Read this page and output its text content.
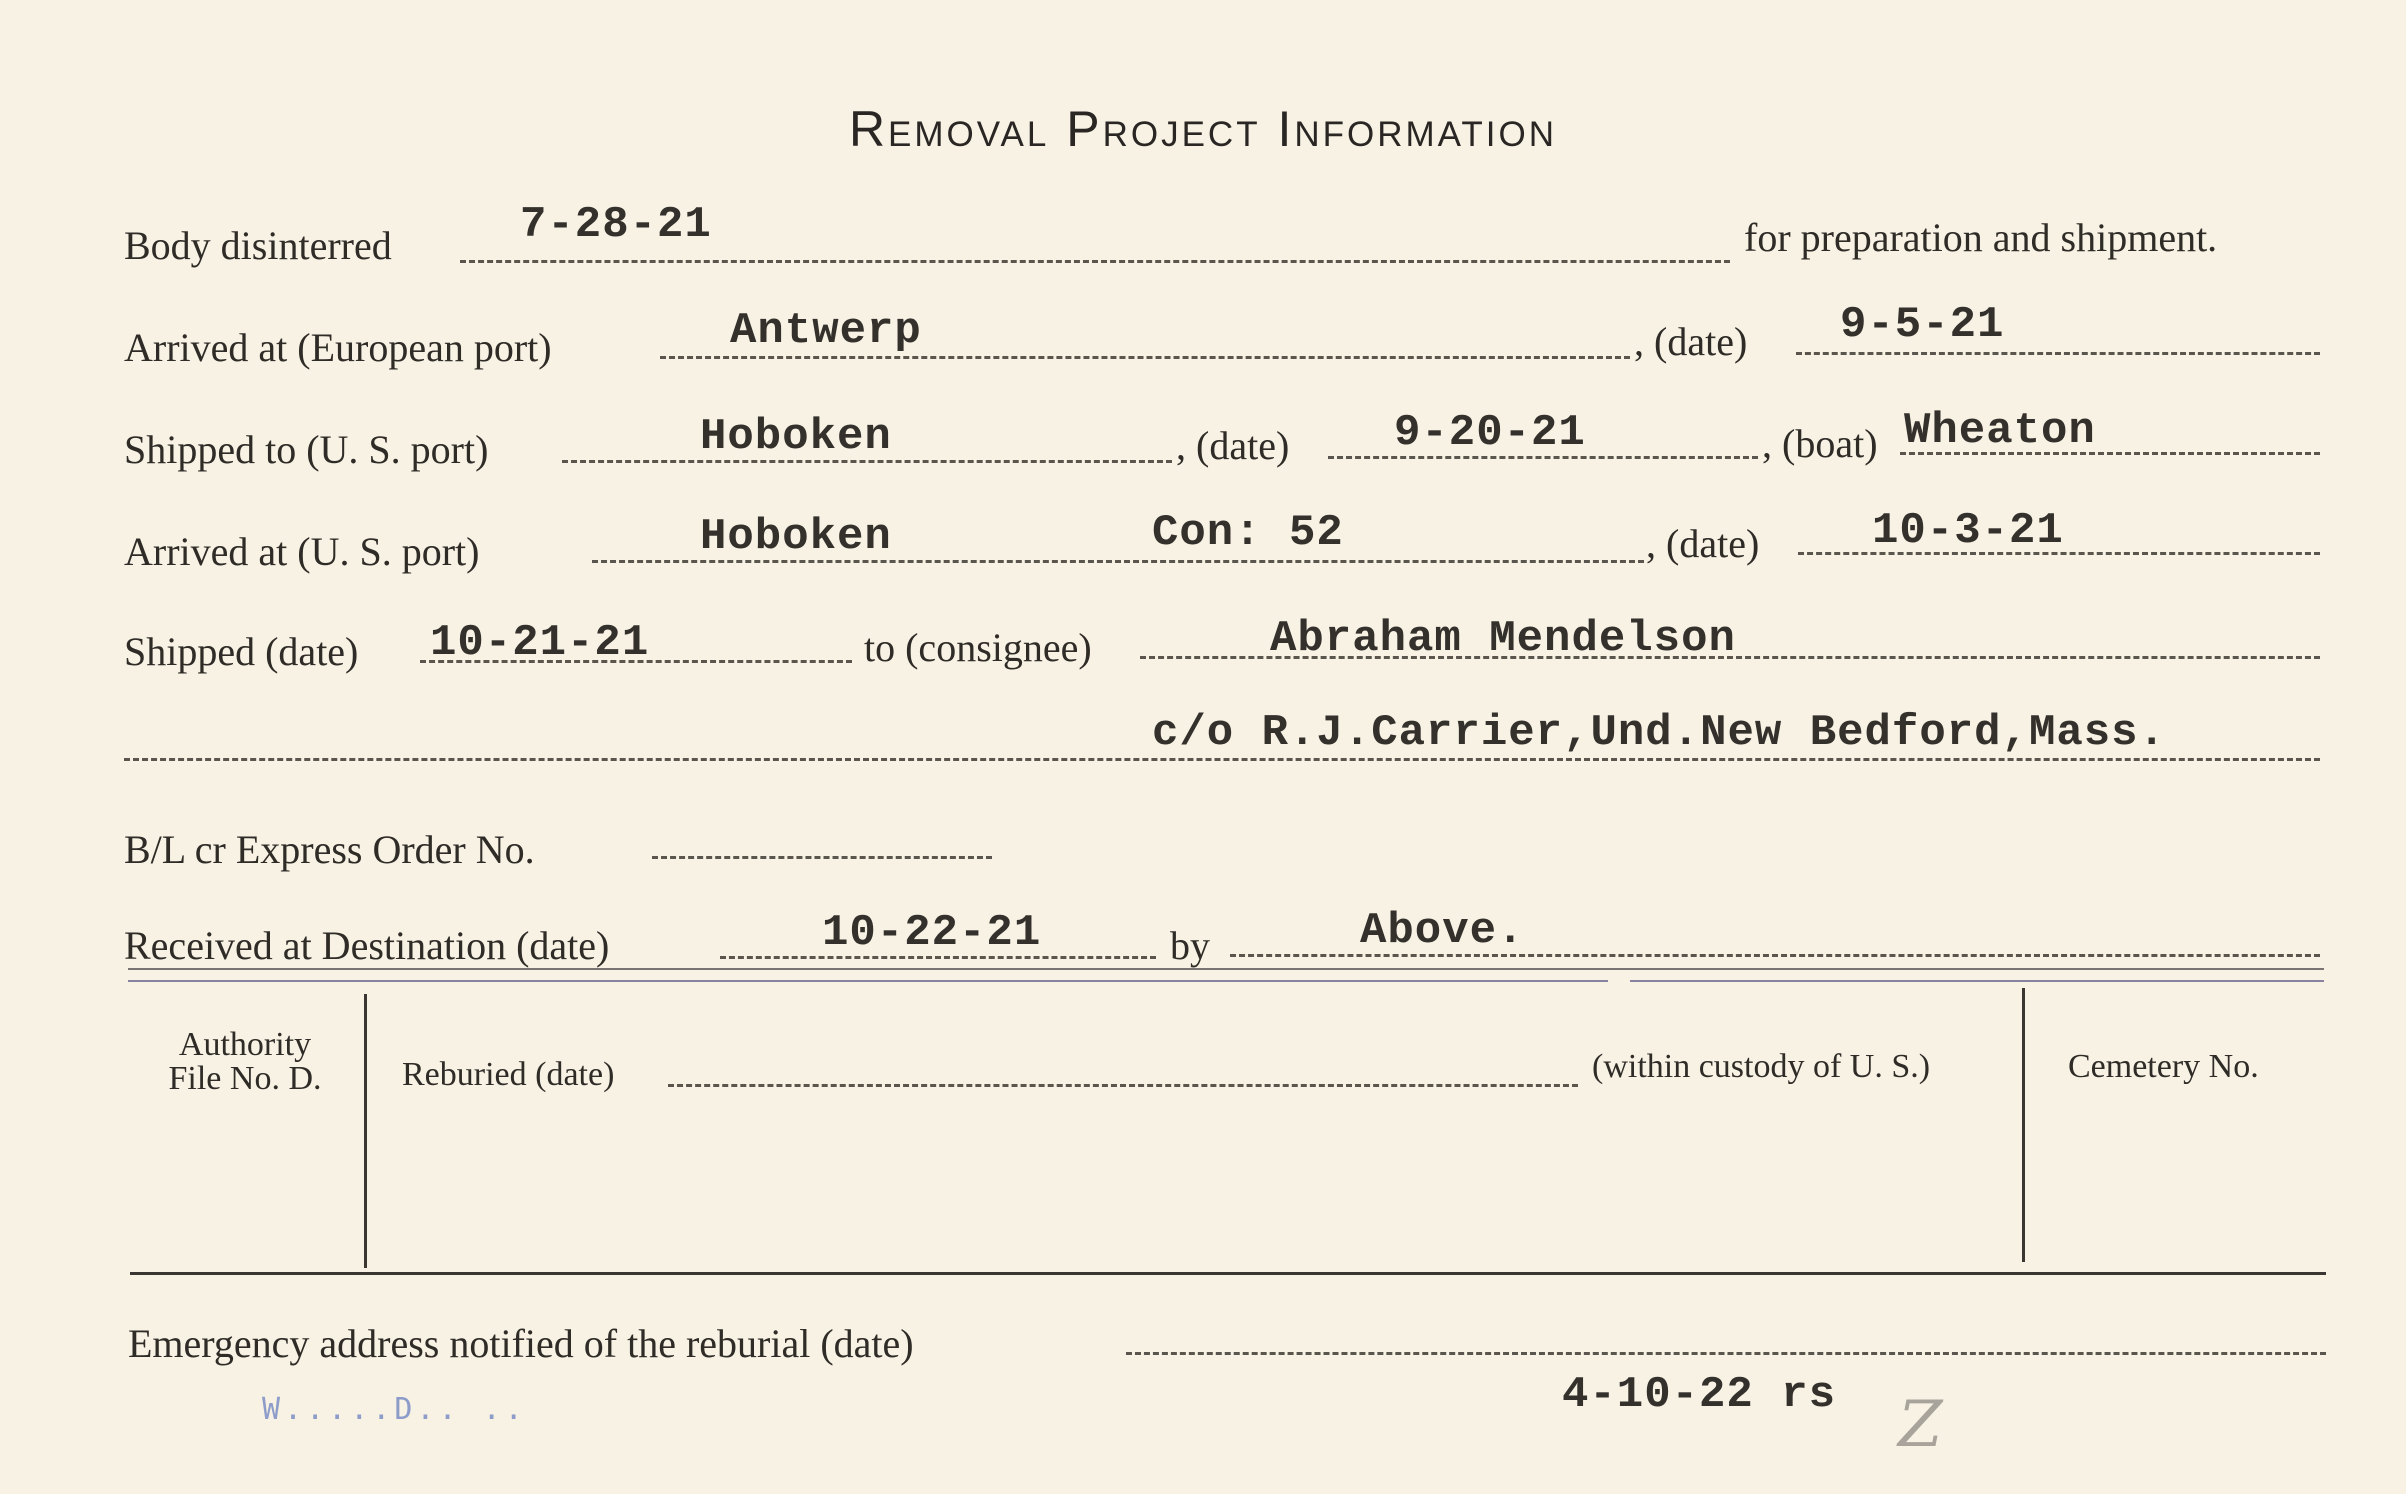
Removal Project Information
Body disinterred	7-28-21	for preparation and shipment.
Arrived at (European port)	Antwerp	, (date) 9-5-21
Shipped to (U. S. port)	Hoboken	, (date) 9-20-21	, (boat) Wheaton
Arrived at (U. S. port)	Hoboken	Con: 52	, (date)	10-3-21
Shipped (date) 10-21-21	to (consignee)	Abraham Mendelson
c/o R.J.Carrier,Und.New Bedford,Mass.
B/L cr Express Order No.
Received at Destination (date)	10-22-21	by	Above.
Authority
File No. D.	Reburied (date)	(within custody of U. S.)	Cemetery No.
Emergency address notified of the reburial (date)
4-10-22 rs
W.....D.. ..	Z
